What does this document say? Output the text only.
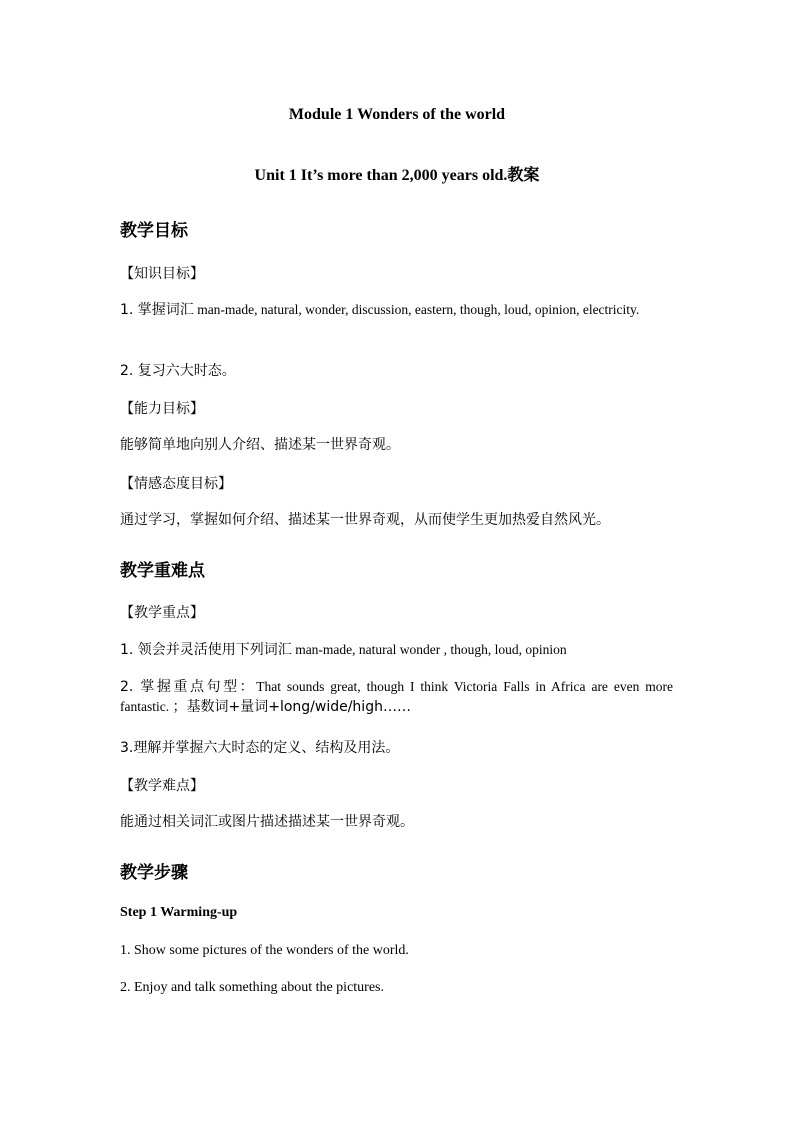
Module 1 Wonders of the world
Unit 1 It’s more than 2,000 years old.教案
教学目标
【知识目标】
1. 掌握词汇 man-made, natural, wonder, discussion, eastern, though, loud, opinion, electricity.
2. 复习六大时态。
【能力目标】
能够简单地向别人介绍、描述某一世界奇观。
【情感态度目标】
通过学习，掌握如何介绍、描述某一世界奇观，从而使学生更加热爱自然风光。
教学重难点
【教学重点】
1. 领会并灵活使用下列词汇 man-made, natural wonder , though, loud, opinion
2. 掌握重点句型：That sounds great, though I think Victoria Falls in Africa are even more fantastic. ；基数词+量词+long/wide/high……
3.理解并掌握六大时态的定义、结构及用法。
【教学难点】
能通过相关词汇或图片描述描述某一世界奇观。
教学步骤
Step 1 Warming-up
1. Show some pictures of the wonders of the world.
2. Enjoy and talk something about the pictures.
